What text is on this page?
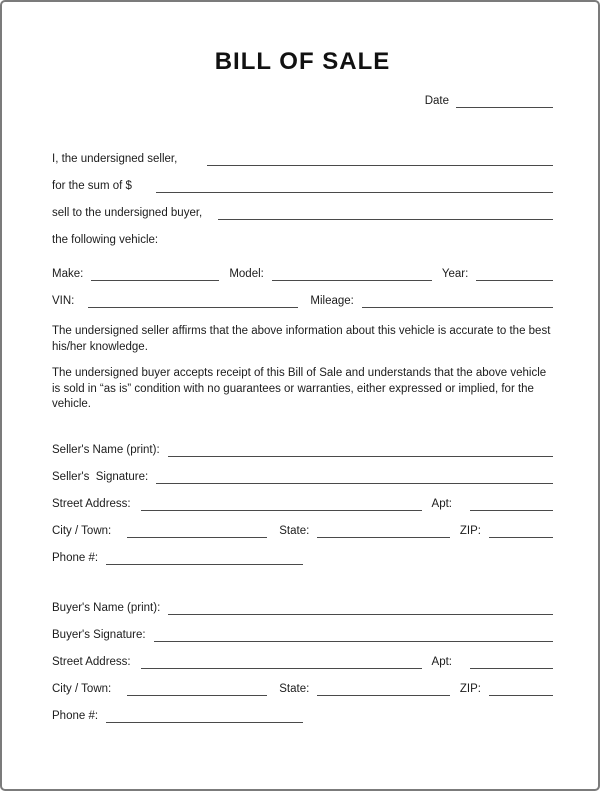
BILL OF SALE
Date
I, the undersigned seller,
for the sum of $
sell to the undersigned buyer,
the following vehicle:
Make:	Model:	Year:
VIN:	Mileage:

The undersigned seller affirms that the above information about this vehicle is accurate to the best his/her knowledge.

The undersigned buyer accepts receipt of this Bill of Sale and understands that the above vehicle is sold in “as is” condition with no guarantees or warranties, either expressed or implied, for the vehicle.

Seller's Name (print):
Seller's  Signature:
Street Address:	Apt:
City / Town:	State:	ZIP:
Phone #:
Buyer's Name (print):
Buyer's Signature:
Street Address:	Apt:
City / Town:	State:	ZIP:
Phone #:
